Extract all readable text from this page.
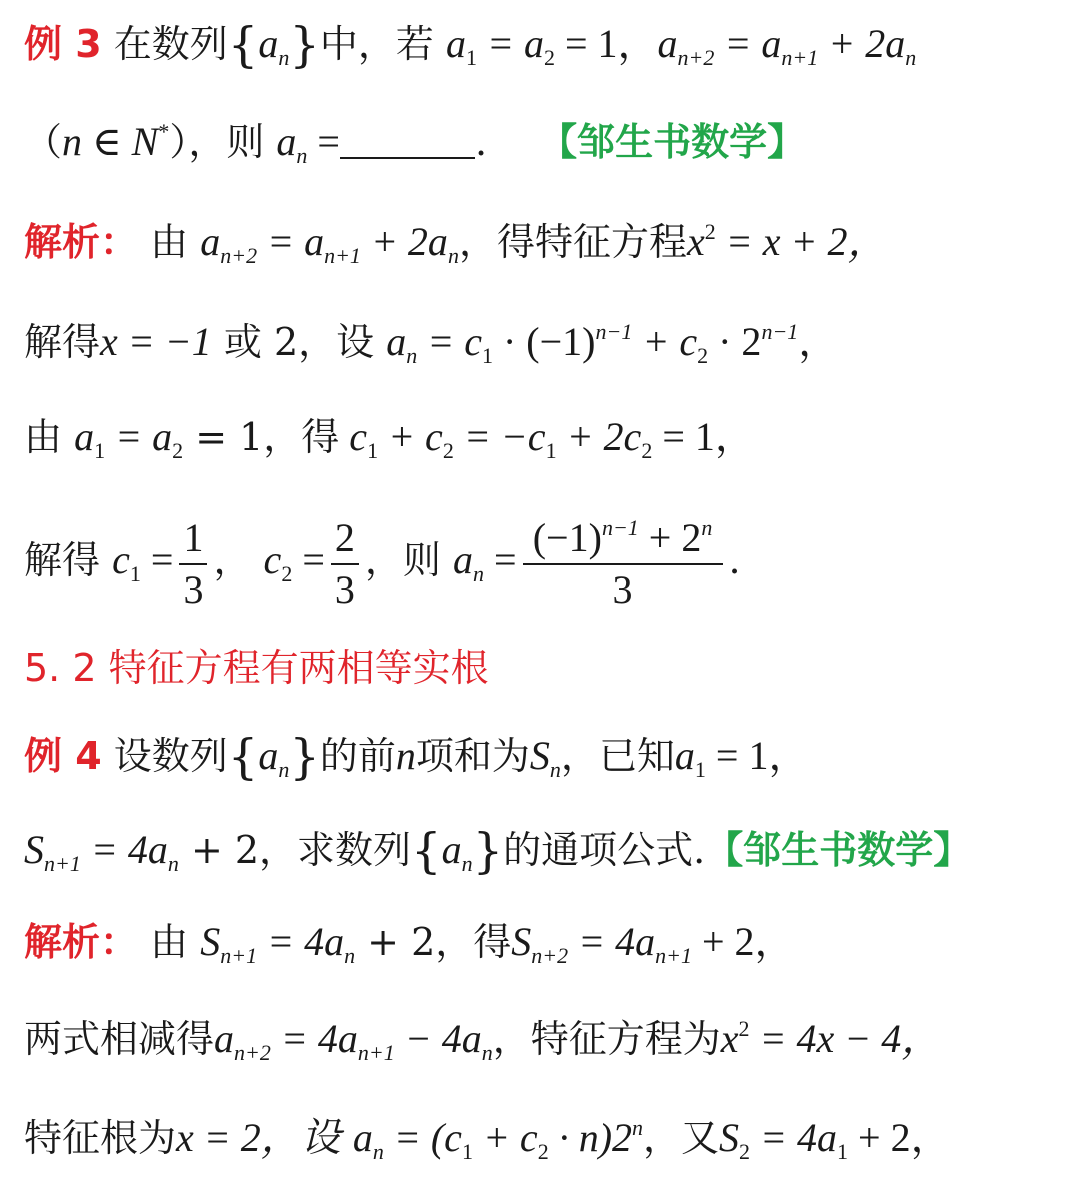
例 3 在数列$\{a_n\}$中，若 $a_1 = a_2 = 1$，$a_{n+2} = a_{n+1} + 2a_n$
（n ∈ N*），则 $a_n$ =	. 【邹生书数学】
解析： 由 $a_{n+2} = a_{n+1} + 2a_n$，得特征方程$x^2 = x + 2$，
解得x = −1 或 2，设 $a_n = c_1 \cdot (-1)^{n-1} + c_2 \cdot 2^{n-1}$，
由 $a_1 = a_2 = 1$，得 $c_1 + c_2 = -c_1 + 2c_2 = 1$，
解得 $c_1 = \frac{1}{3}$ ， $c_2 = \frac{2}{3}$ ，则 $a_n = \frac{(-1)^{n-1} + 2^n}{3}$ .
5. 2 特征方程有两相等实根
例 4 设数列$\{a_n\}$的前n项和为$S_n$，已知$a_1 = 1$，
$S_{n+1} = 4a_n + 2$，求数列$\{a_n\}$的通项公式.【邹生书数学】
解析： 由 $S_{n+1} = 4a_n + 2$，得$S_{n+2} = 4a_{n+1} + 2$，
两式相减得$a_{n+2} = 4a_{n+1} - 4a_n$，特征方程为$x^2 = 4x - 4$，
特征根为x = 2，设 $a_n = (c_1 + c_2 \cdot n)2^n$，又$S_2 = 4a_1 + 2$，
